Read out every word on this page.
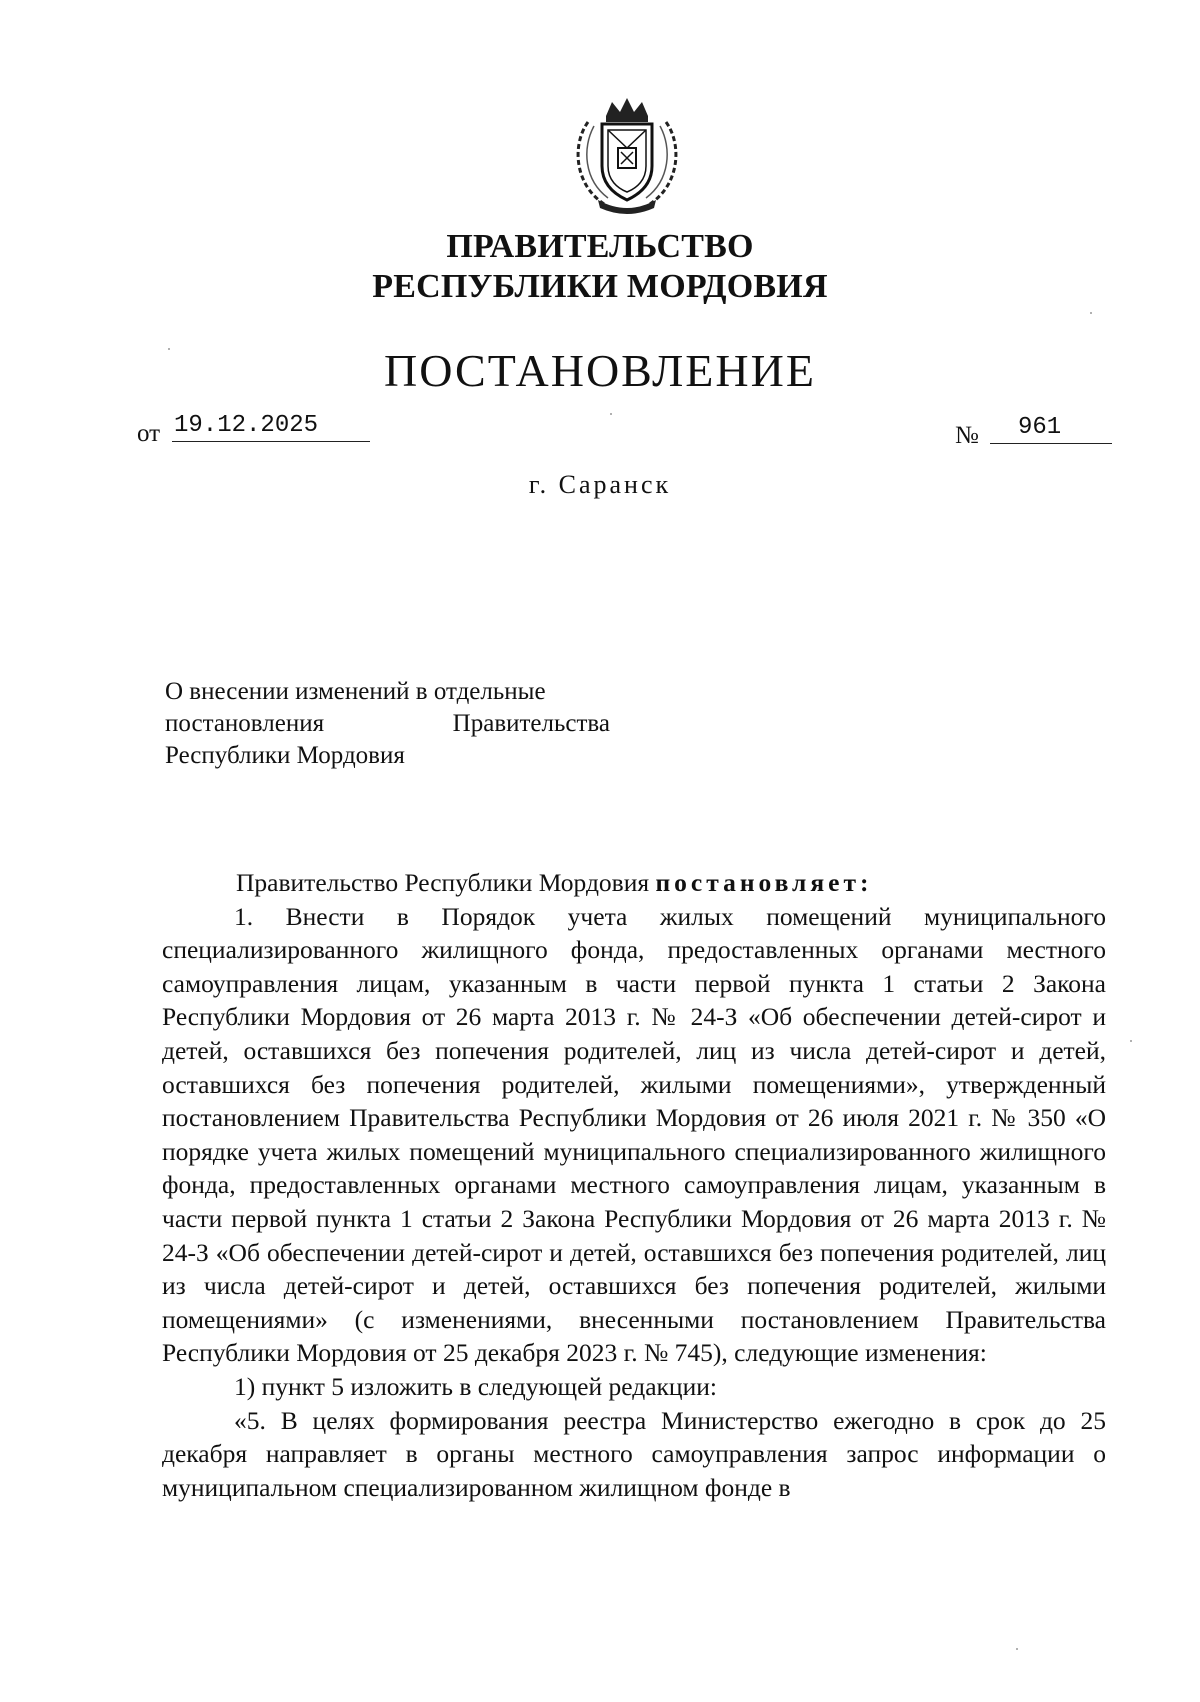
ПРАВИТЕЛЬСТВО
РЕСПУБЛИКИ МОРДОВИЯ
ПОСТАНОВЛЕНИЕ
от 19.12.2025	№	961
г. Саранск
О внесении изменений в отдельные
постановления	Правительства
Республики Мордовия

Правительство Республики Мордовия постановляет:

1. Внести в Порядок учета жилых помещений муниципального специализированного жилищного фонда, предоставленных органами местного самоуправления лицам, указанным в части первой пункта 1 статьи 2 Закона Республики Мордовия от 26 марта 2013 г. № 24-З «Об обеспечении детей-сирот и детей, оставшихся без попечения родителей, лиц из числа детей-сирот и детей, оставшихся без попечения родителей, жилыми помещениями», утвержденный постановлением Правительства Республики Мордовия от 26 июля 2021 г. № 350 «О порядке учета жилых помещений муниципального специализированного жилищного фонда, предоставленных органами местного самоуправления лицам, указанным в части первой пункта 1 статьи 2 Закона Республики Мордовия от 26 марта 2013 г. № 24-З «Об обеспечении детей-сирот и детей, оставшихся без попечения родителей, лиц из числа детей-сирот и детей, оставшихся без попечения родителей, жилыми помещениями» (с изменениями, внесенными постановлением Правительства Республики Мордовия от 25 декабря 2023 г. № 745), следующие изменения:

1) пункт 5 изложить в следующей редакции:

«5. В целях формирования реестра Министерство ежегодно в срок до 25 декабря направляет в органы местного самоуправления запрос информации о муниципальном специализированном жилищном фонде в
